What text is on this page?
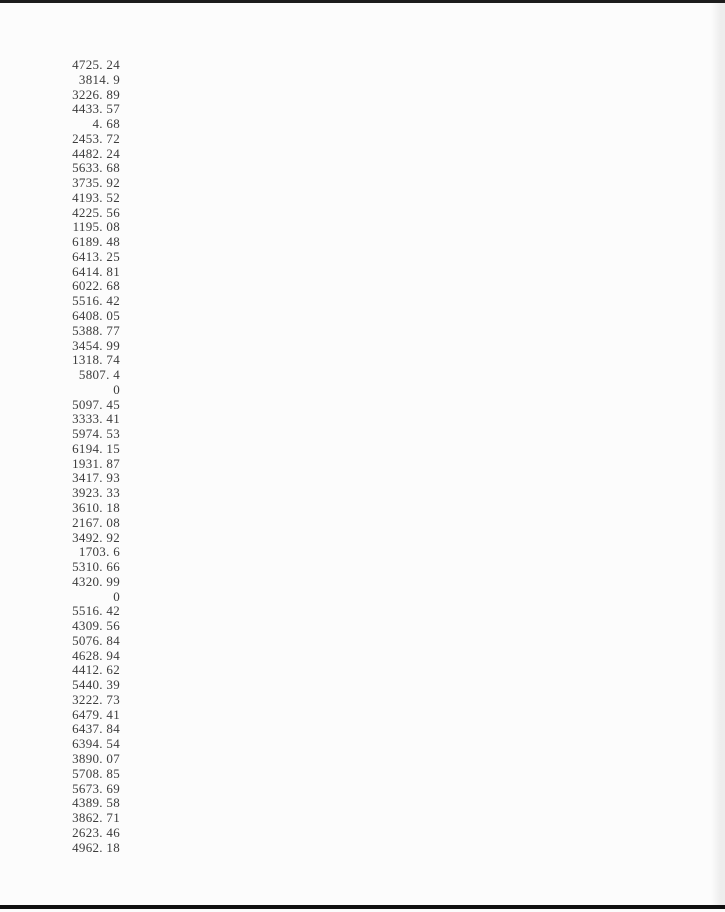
4725. 24
3814. 9
3226. 89
4433. 57
4. 68
2453. 72
4482. 24
5633. 68
3735. 92
4193. 52
4225. 56
1195. 08
6189. 48
6413. 25
6414. 81
6022. 68
5516. 42
6408. 05
5388. 77
3454. 99
1318. 74
5807. 4
0
5097. 45
3333. 41
5974. 53
6194. 15
1931. 87
3417. 93
3923. 33
3610. 18
2167. 08
3492. 92
1703. 6
5310. 66
4320. 99
0
5516. 42
4309. 56
5076. 84
4628. 94
4412. 62
5440. 39
3222. 73
6479. 41
6437. 84
6394. 54
3890. 07
5708. 85
5673. 69
4389. 58
3862. 71
2623. 46
4962. 18
